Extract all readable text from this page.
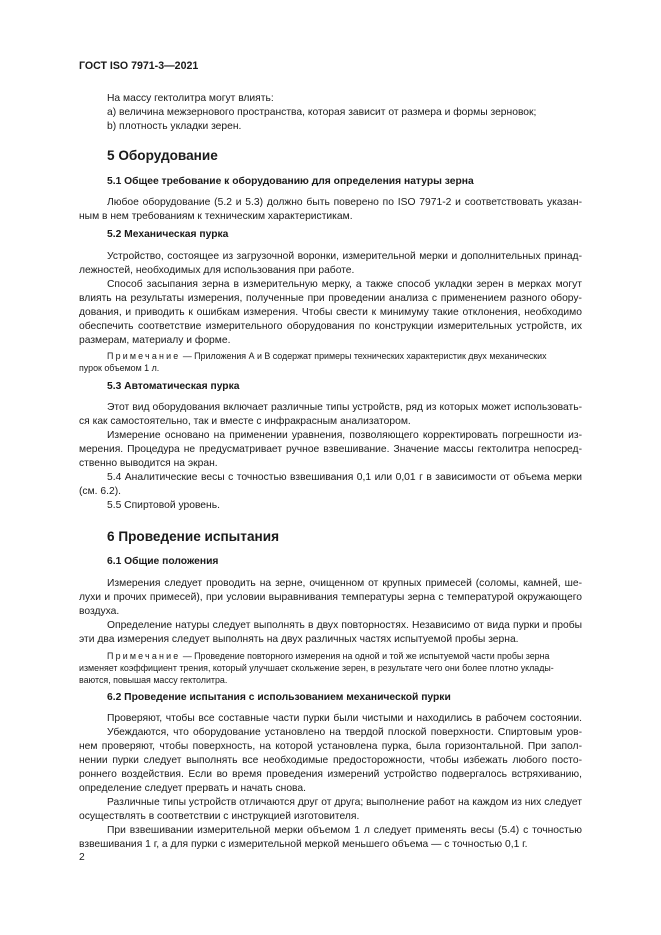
ГОСТ ISO 7971-3—2021
На массу гектолитра могут влиять:
a) величина межзернового пространства, которая зависит от размера и формы зерновок;
b) плотность укладки зерен.
5 Оборудование
5.1 Общее требование к оборудованию для определения натуры зерна
Любое оборудование (5.2 и 5.3) должно быть поверено по ISO 7971-2 и соответствовать указан-
ным в нем требованиям к техническим характеристикам.
5.2 Механическая пурка
Устройство, состоящее из загрузочной воронки, измерительной мерки и дополнительных принад-
лежностей, необходимых для использования при работе.
Способ засыпания зерна в измерительную мерку, а также способ укладки зерен в мерках могут
влиять на результаты измерения, полученные при проведении анализа с применением разного обору-
дования, и приводить к ошибкам измерения. Чтобы свести к минимуму такие отклонения, необходимо
обеспечить соответствие измерительного оборудования по конструкции измерительных устройств, их
размерам, материалу и форме.
Примечание — Приложения А и В содержат примеры технических характеристик двух механических
пурок объемом 1 л.
5.3 Автоматическая пурка
Этот вид оборудования включает различные типы устройств, ряд из которых может использовать-
ся как самостоятельно, так и вместе с инфракрасным анализатором.
Измерение основано на применении уравнения, позволяющего корректировать погрешности из-
мерения. Процедура не предусматривает ручное взвешивание. Значение массы гектолитра непосред-
ственно выводится на экран.
5.4 Аналитические весы с точностью взвешивания 0,1 или 0,01 г в зависимости от объема мерки
(см. 6.2).
5.5 Спиртовой уровень.
6 Проведение испытания
6.1 Общие положения
Измерения следует проводить на зерне, очищенном от крупных примесей (соломы, камней, ше-
лухи и прочих примесей), при условии выравнивания температуры зерна с температурой окружающего
воздуха.
Определение натуры следует выполнять в двух повторностях. Независимо от вида пурки и пробы
эти два измерения следует выполнять на двух различных частях испытуемой пробы зерна.
Примечание — Проведение повторного измерения на одной и той же испытуемой части пробы зерна
изменяет коэффициент трения, который улучшает скольжение зерен, в результате чего они более плотно уклады-
ваются, повышая массу гектолитра.
6.2 Проведение испытания с использованием механической пурки
Проверяют, чтобы все составные части пурки были чистыми и находились в рабочем состоянии.
Убеждаются, что оборудование установлено на твердой плоской поверхности. Спиртовым уров-
нем проверяют, чтобы поверхность, на которой установлена пурка, была горизонтальной. При запол-
нении пурки следует выполнять все необходимые предосторожности, чтобы избежать любого посто-
роннего воздействия. Если во время проведения измерений устройство подвергалось встряхиванию,
определение следует прервать и начать снова.
Различные типы устройств отличаются друг от друга; выполнение работ на каждом из них следует
осуществлять в соответствии с инструкцией изготовителя.
При взвешивании измерительной мерки объемом 1 л следует применять весы (5.4) с точностью
взвешивания 1 г, а для пурки с измерительной меркой меньшего объема — с точностью 0,1 г.
2
